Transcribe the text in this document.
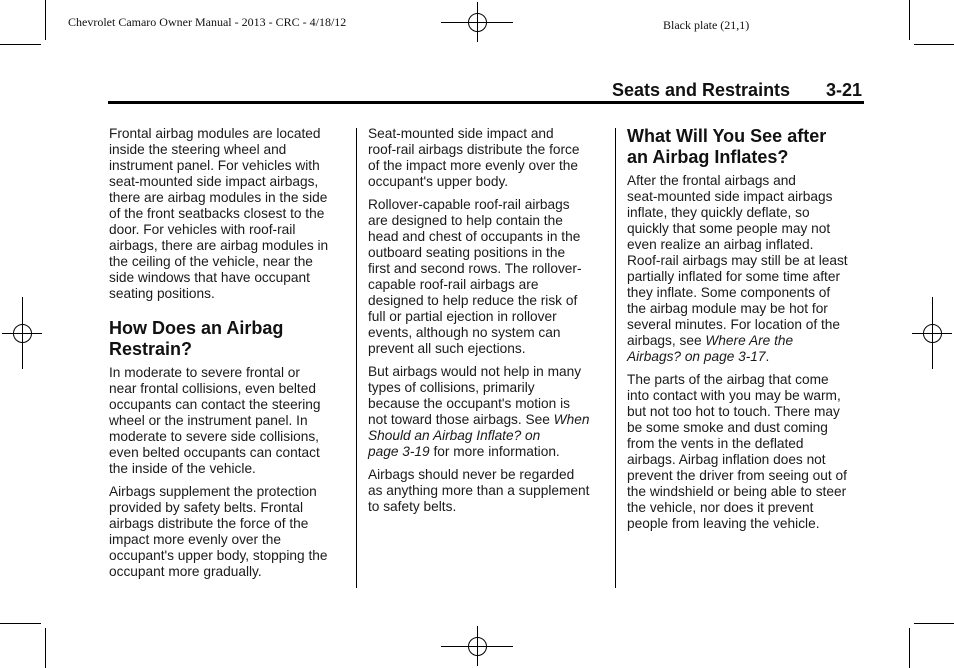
Chevrolet Camaro Owner Manual - 2013 - CRC - 4/18/12	Black plate (21,1)
Seats and Restraints 3-21

Frontal airbag modules are located
inside the steering wheel and
instrument panel. For vehicles with
seat-mounted side impact airbags,
there are airbag modules in the side
of the front seatbacks closest to the
door. For vehicles with roof-rail
airbags, there are airbag modules in
the ceiling of the vehicle, near the
side windows that have occupant
seating positions.

How Does an Airbag
Restrain?

In moderate to severe frontal or
near frontal collisions, even belted
occupants can contact the steering
wheel or the instrument panel. In
moderate to severe side collisions,
even belted occupants can contact
the inside of the vehicle.

Airbags supplement the protection
provided by safety belts. Frontal
airbags distribute the force of the
impact more evenly over the
occupant's upper body, stopping the
occupant more gradually.

Seat-mounted side impact and
roof-rail airbags distribute the force
of the impact more evenly over the
occupant's upper body.

Rollover-capable roof-rail airbags
are designed to help contain the
head and chest of occupants in the
outboard seating positions in the
first and second rows. The rollover-
capable roof-rail airbags are
designed to help reduce the risk of
full or partial ejection in rollover
events, although no system can
prevent all such ejections.

But airbags would not help in many
types of collisions, primarily
because the occupant's motion is
not toward those airbags. See When
Should an Airbag Inflate? on
page 3-19 for more information.

Airbags should never be regarded
as anything more than a supplement
to safety belts.

What Will You See after
an Airbag Inflates?

After the frontal airbags and
seat-mounted side impact airbags
inflate, they quickly deflate, so
quickly that some people may not
even realize an airbag inflated.
Roof-rail airbags may still be at least
partially inflated for some time after
they inflate. Some components of
the airbag module may be hot for
several minutes. For location of the
airbags, see Where Are the
Airbags? on page 3-17.

The parts of the airbag that come
into contact with you may be warm,
but not too hot to touch. There may
be some smoke and dust coming
from the vents in the deflated
airbags. Airbag inflation does not
prevent the driver from seeing out of
the windshield or being able to steer
the vehicle, nor does it prevent
people from leaving the vehicle.
